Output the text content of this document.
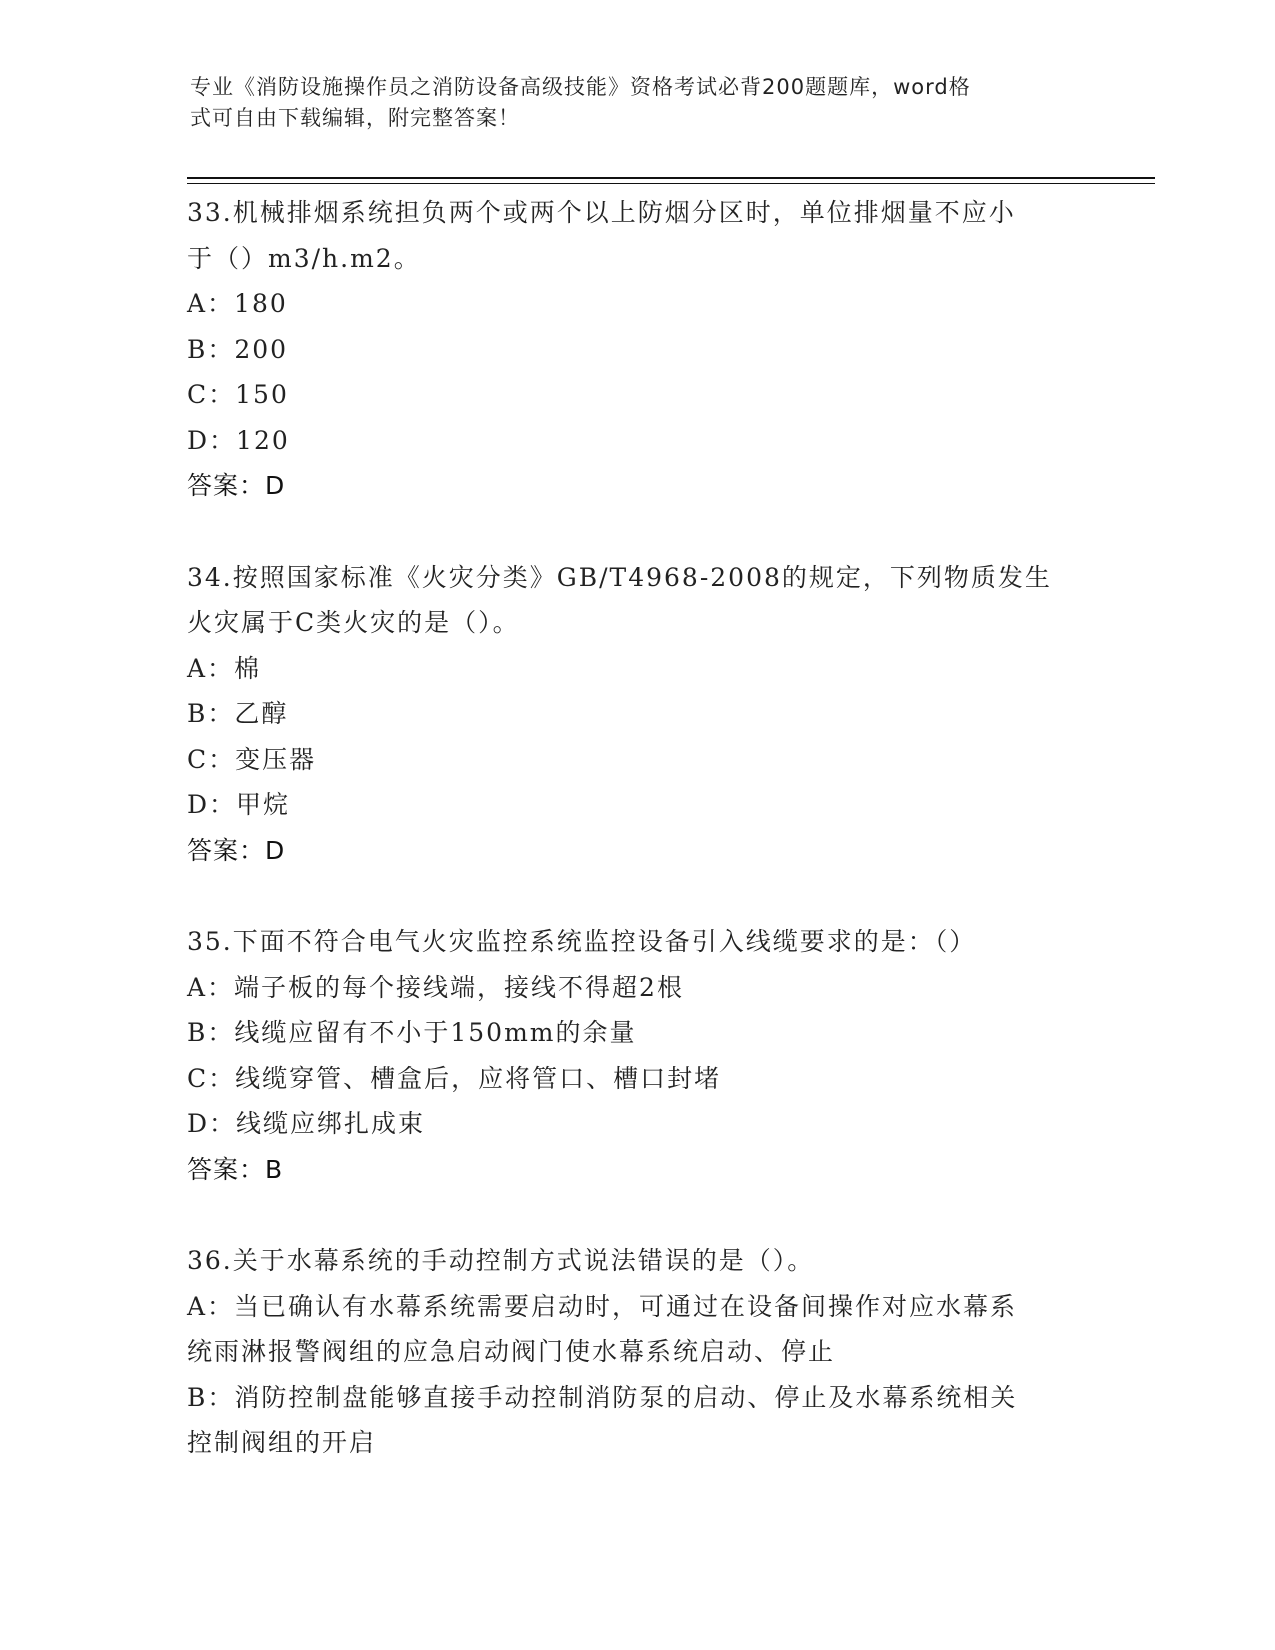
专业《消防设施操作员之消防设备高级技能》资格考试必背200题题库，word格
式可自由下载编辑，附完整答案！
33.机械排烟系统担负两个或两个以上防烟分区时，单位排烟量不应小
于（）m3/h.m2。
A：180
B：200
C：150
D：120
答案：D
34.按照国家标准《火灾分类》GB/T4968-2008的规定，下列物质发生
火灾属于C类火灾的是（）。
A：棉
B：乙醇
C：变压器
D：甲烷
答案：D
35.下面不符合电气火灾监控系统监控设备引入线缆要求的是：（）
A：端子板的每个接线端，接线不得超2根
B：线缆应留有不小于150mm的余量
C：线缆穿管、槽盒后，应将管口、槽口封堵
D：线缆应绑扎成束
答案：B
36.关于水幕系统的手动控制方式说法错误的是（）。
A：当已确认有水幕系统需要启动时，可通过在设备间操作对应水幕系
统雨淋报警阀组的应急启动阀门使水幕系统启动、停止
B：消防控制盘能够直接手动控制消防泵的启动、停止及水幕系统相关
控制阀组的开启
